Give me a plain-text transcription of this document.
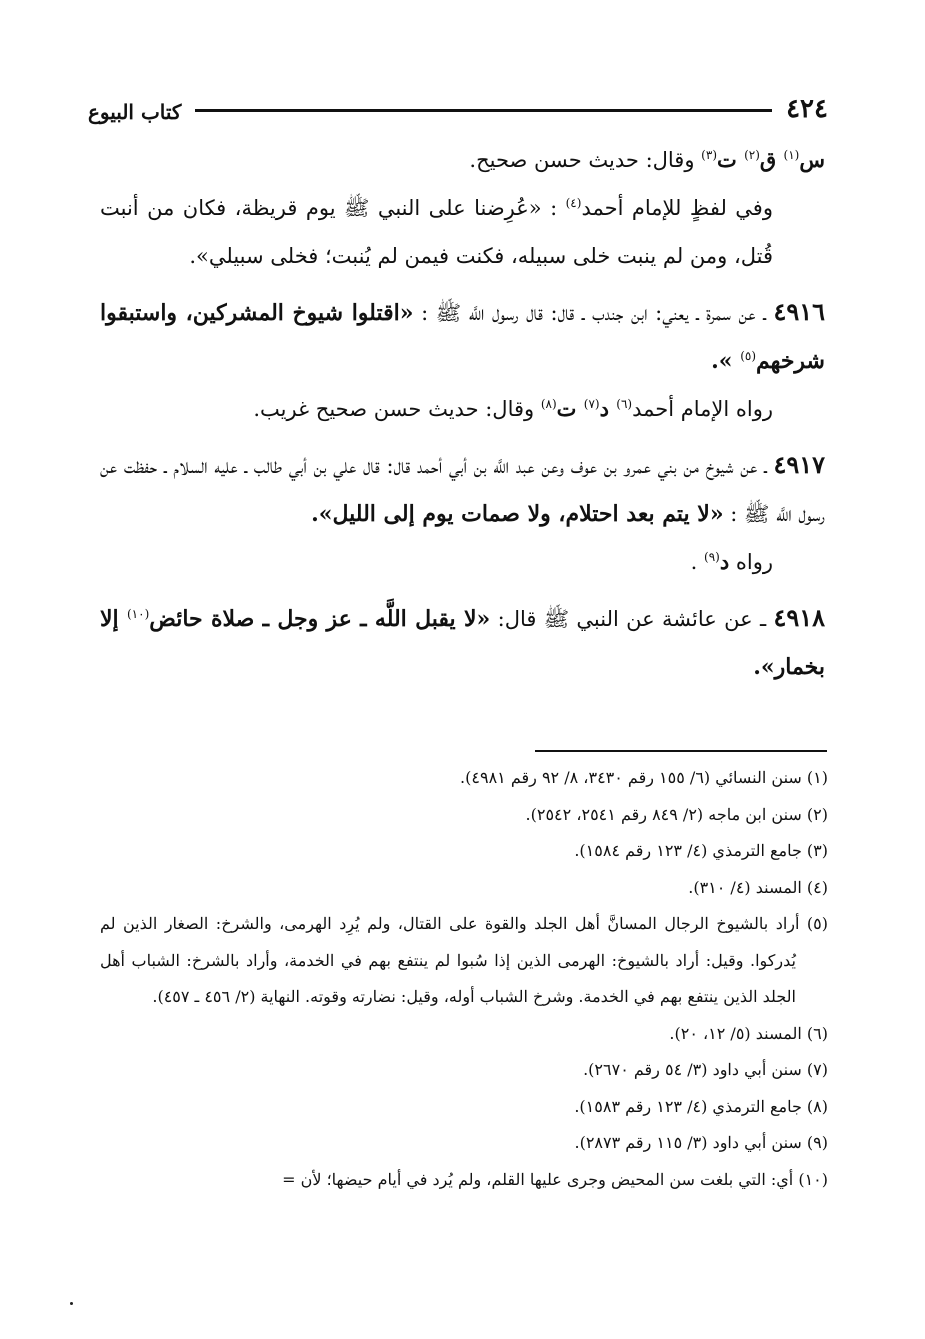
٤٢٤
كتاب البيوع

س$^{(١)}$ ق$^{(٢)}$ ت$^{(٣)}$ وقال: حديث حسن صحيح.

وفي لفظٍ للإمام أحمد$^{(٤)}$ : «عُرِضنا على النبي ﷺ يوم قريظة، فكان من أنبت قُتل، ومن لم ينبت خلى سبيله، فكنت فيمن لم يُنبت؛ فخلى سبيلي».

٤٩١٦ ـ عن سمرة ـ يعني: ابن جندب ـ قال: قال رسول اللَّه ﷺ : «اقتلوا شيوخ المشركين، واستبقوا شرخهم$^{(٥)}$ ».

رواه الإمام أحمد$^{(٦)}$ د$^{(٧)}$ ت$^{(٨)}$ وقال: حديث حسن صحيح غريب.

٤٩١٧ ـ عن شيوخ من بني عمرو بن عوف وعن عبد اللَّه بن أبي أحمد قال: قال علي بن أبي طالب ـ عليه السلام ـ حفظت عن رسول اللَّه ﷺ : «لا يتم بعد احتلام، ولا صمات يوم إلى الليل».

رواه د$^{(٩)}$ .

٤٩١٨ ـ عن عائشة عن النبي ﷺ قال: «لا يقبل اللَّه ـ عز وجل ـ صلاة حائض$^{(١٠)}$ إلا بخمار».

(١) سنن النسائي (٦/ ١٥٥ رقم ٣٤٣٠، ٨/ ٩٢ رقم ٤٩٨١).

(٢) سنن ابن ماجه (٢/ ٨٤٩ رقم ٢٥٤١، ٢٥٤٢).

(٣) جامع الترمذي (٤/ ١٢٣ رقم ١٥٨٤).

(٤) المسند (٤/ ٣١٠).

(٥) أراد بالشيوخ الرجال المسانَّ أهل الجلد والقوة على القتال، ولم يُرِد الهرمى، والشرخ: الصغار الذين لم يُدركوا. وقيل: أراد بالشيوخ: الهرمى الذين إذا سُبوا لم ينتفع بهم في الخدمة، وأراد بالشرخ: الشباب أهل الجلد الذين ينتفع بهم في الخدمة. وشرخ الشباب أوله، وقيل: نضارته وقوته. النهاية (٢/ ٤٥٦ ـ ٤٥٧).

(٦) المسند (٥/ ١٢، ٢٠).

(٧) سنن أبي داود (٣/ ٥٤ رقم ٢٦٧٠).

(٨) جامع الترمذي (٤/ ١٢٣ رقم ١٥٨٣).

(٩) سنن أبي داود (٣/ ١١٥ رقم ٢٨٧٣).

(١٠) أي: التي بلغت سن المحيض وجرى عليها القلم، ولم يُرد في أيام حيضها؛ لأن =
